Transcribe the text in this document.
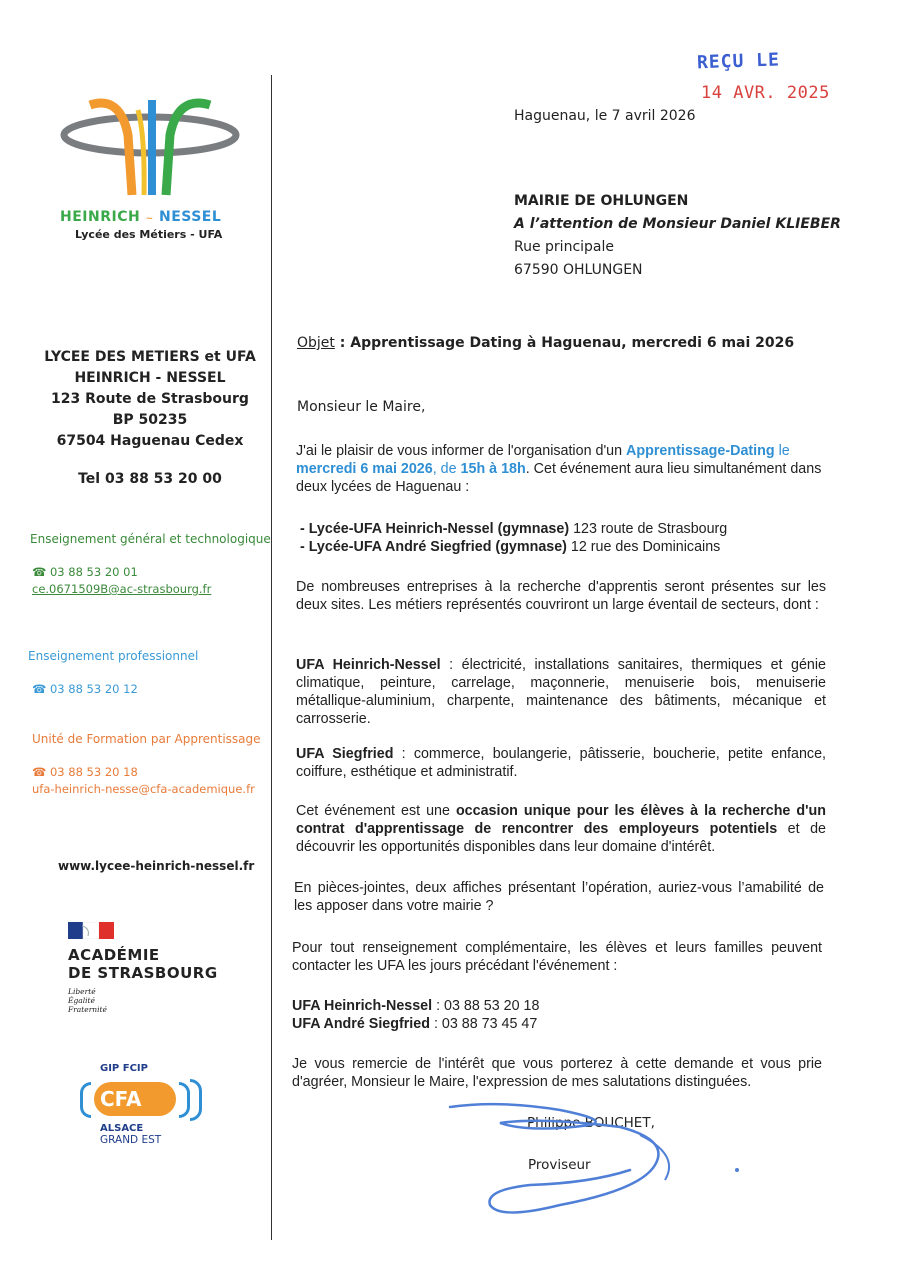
REÇU LE
14 AVR. 2025
HEINRICH ~ NESSEL
Lycée des Métiers - UFA
LYCEE DES METIERS et UFA
HEINRICH - NESSEL
123 Route de Strasbourg
BP 50235
67504 Haguenau Cedex
Tel 03 88 53 20 00
Enseignement général et technologique
☎ 03 88 53 20 01
ce.0671509B@ac-strasbourg.fr
Enseignement professionnel
☎ 03 88 53 20 12
Unité de Formation par Apprentissage
☎ 03 88 53 20 18
ufa-heinrich-nesse@cfa-academique.fr
www.lycee-heinrich-nessel.fr
ACADÉMIE
DE STRASBOURG
Liberté
Égalité
Fraternité
GIP FCIP
CFA
ALSACE
GRAND EST
Haguenau, le 7 avril 2026
MAIRIE DE OHLUNGEN
A l’attention de Monsieur Daniel KLIEBER
Rue principale
67590 OHLUNGEN
Objet : Apprentissage Dating à Haguenau, mercredi 6 mai 2026
Monsieur le Maire,

J'ai le plaisir de vous informer de l'organisation d'un Apprentissage-Dating le mercredi 6 mai 2026, de 15h à 18h. Cet événement aura lieu simultanément dans deux lycées de Haguenau :

- Lycée-UFA Heinrich-Nessel (gymnase) 123 route de Strasbourg

- Lycée-UFA André Siegfried (gymnase) 12 rue des Dominicains

De nombreuses entreprises à la recherche d'apprentis seront présentes sur les deux sites. Les métiers représentés couvriront un large éventail de secteurs, dont :
UFA Heinrich-Nessel : électricité, installations sanitaires, thermiques et génie climatique, peinture, carrelage, maçonnerie, menuiserie bois, menuiserie métallique-aluminium, charpente, maintenance des bâtiments, mécanique et carrosserie.
UFA Siegfried : commerce, boulangerie, pâtisserie, boucherie, petite enfance, coiffure, esthétique et administratif.
Cet événement est une occasion unique pour les élèves à la recherche d'un contrat d'apprentissage de rencontrer des employeurs potentiels et de découvrir les opportunités disponibles dans leur domaine d'intérêt.
En pièces-jointes, deux affiches présentant l’opération, auriez-vous l’amabilité de les apposer dans votre mairie ?
Pour tout renseignement complémentaire, les élèves et leurs familles peuvent contacter les UFA les jours précédant l'événement :

UFA Heinrich-Nessel : 03 88 53 20 18

UFA André Siegfried : 03 88 73 45 47

Je vous remercie de l'intérêt que vous porterez à cette demande et vous prie d'agréer, Monsieur le Maire, l'expression de mes salutations distinguées.
Philippe BOUCHET,
Proviseur
